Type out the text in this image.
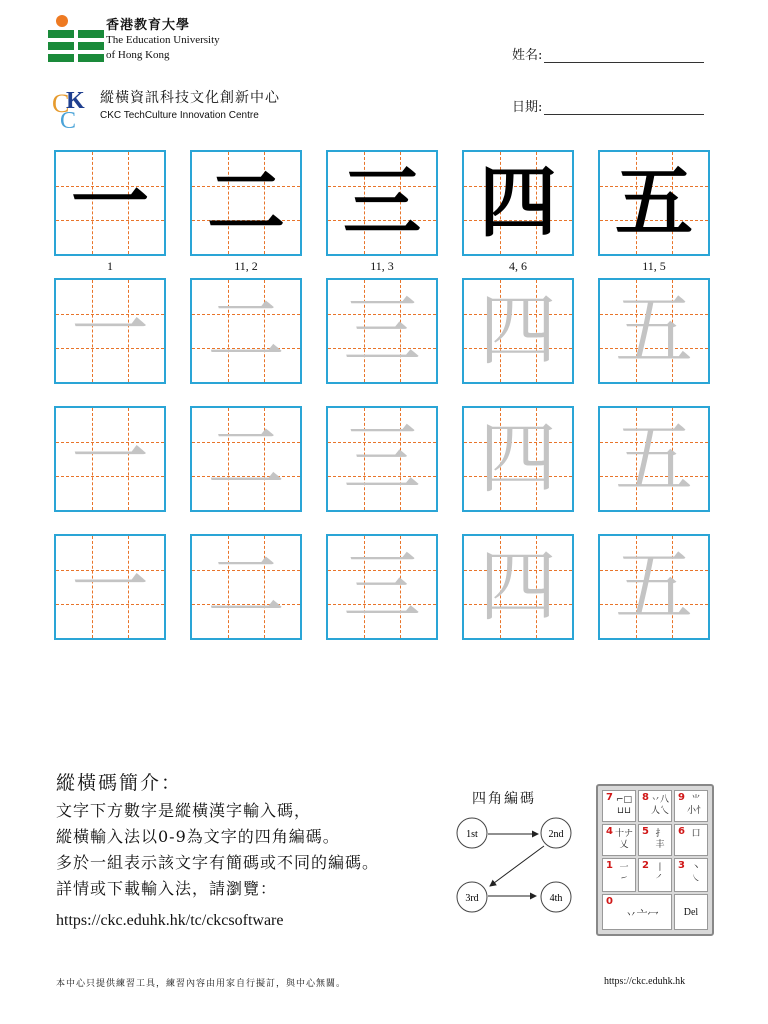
香港教育大學
The Education University
of Hong Kong
C
K
C
縱橫資訊科技文化創新中心
CKC TechCulture Innovation Centre
姓名:
日期:
一
1
二
11, 2
三
11, 3
四
4, 6
五
11, 5
一 二 三 四 五
一 二 三 四 五
一 二 三 四 五
縱橫碼簡介：
文字下方數字是縱橫漢字輸入碼，
縱橫輸入法以0-9為文字的四角編碼。
多於一組表示該文字有簡碼或不同的編碼。
詳情或下載輸入法，請瀏覽：
https://ckc.eduhk.hk/tc/ckcsoftware
四角編碼
1st	2nd
3rd	4th
7 ⌐□ ⊔⊔
8 丷八 人乀
9 ⺌ 小忄
4 十ナ 乂
5 扌 丰
6 口
1 一 ㇀
2 丨 ㇒
3 丶 ㇏
0
丷亠冖	Del
本中心只提供練習工具，練習內容由用家自行擬訂，與中心無關。	https://ckc.eduhk.hk
